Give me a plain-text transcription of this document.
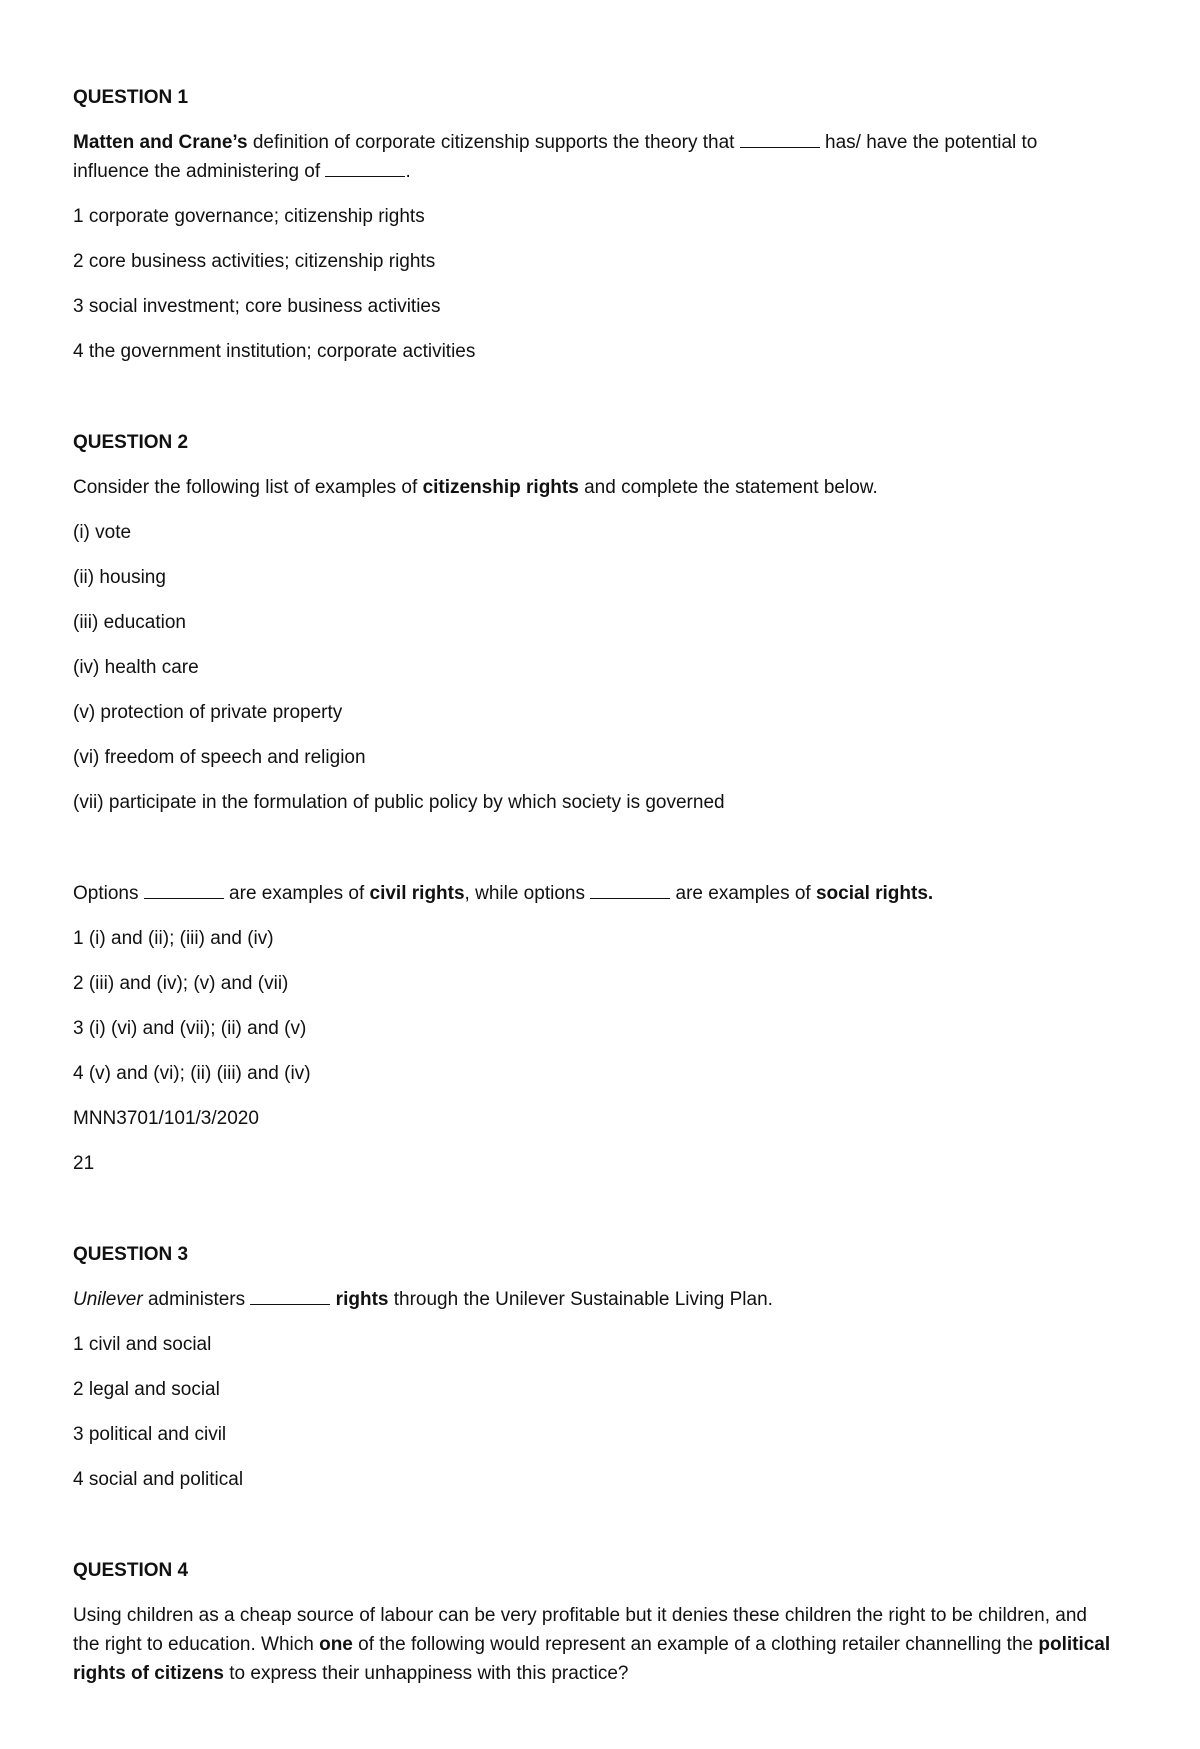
QUESTION 1

Matten and Crane’s definition of corporate citizenship supports the theory that	has/ have the potential to influence the administering of	.

1 corporate governance; citizenship rights

2 core business activities; citizenship rights

3 social investment; core business activities

4 the government institution; corporate activities

QUESTION 2

Consider the following list of examples of citizenship rights and complete the statement below.

(i) vote

(ii) housing

(iii) education

(iv) health care

(v) protection of private property

(vi) freedom of speech and religion

(vii) participate in the formulation of public policy by which society is governed

Options	are examples of civil rights, while options	are examples of social rights.

1 (i) and (ii); (iii) and (iv)

2 (iii) and (iv); (v) and (vii)

3 (i) (vi) and (vii); (ii) and (v)

4 (v) and (vi); (ii) (iii) and (iv)

MNN3701/101/3/2020

21

QUESTION 3

Unilever administers	rights through the Unilever Sustainable Living Plan.

1 civil and social

2 legal and social

3 political and civil

4 social and political

QUESTION 4

Using children as a cheap source of labour can be very profitable but it denies these children the right to be children, and the right to education. Which one of the following would represent an example of a clothing retailer channelling the political rights of citizens to express their unhappiness with this practice?
